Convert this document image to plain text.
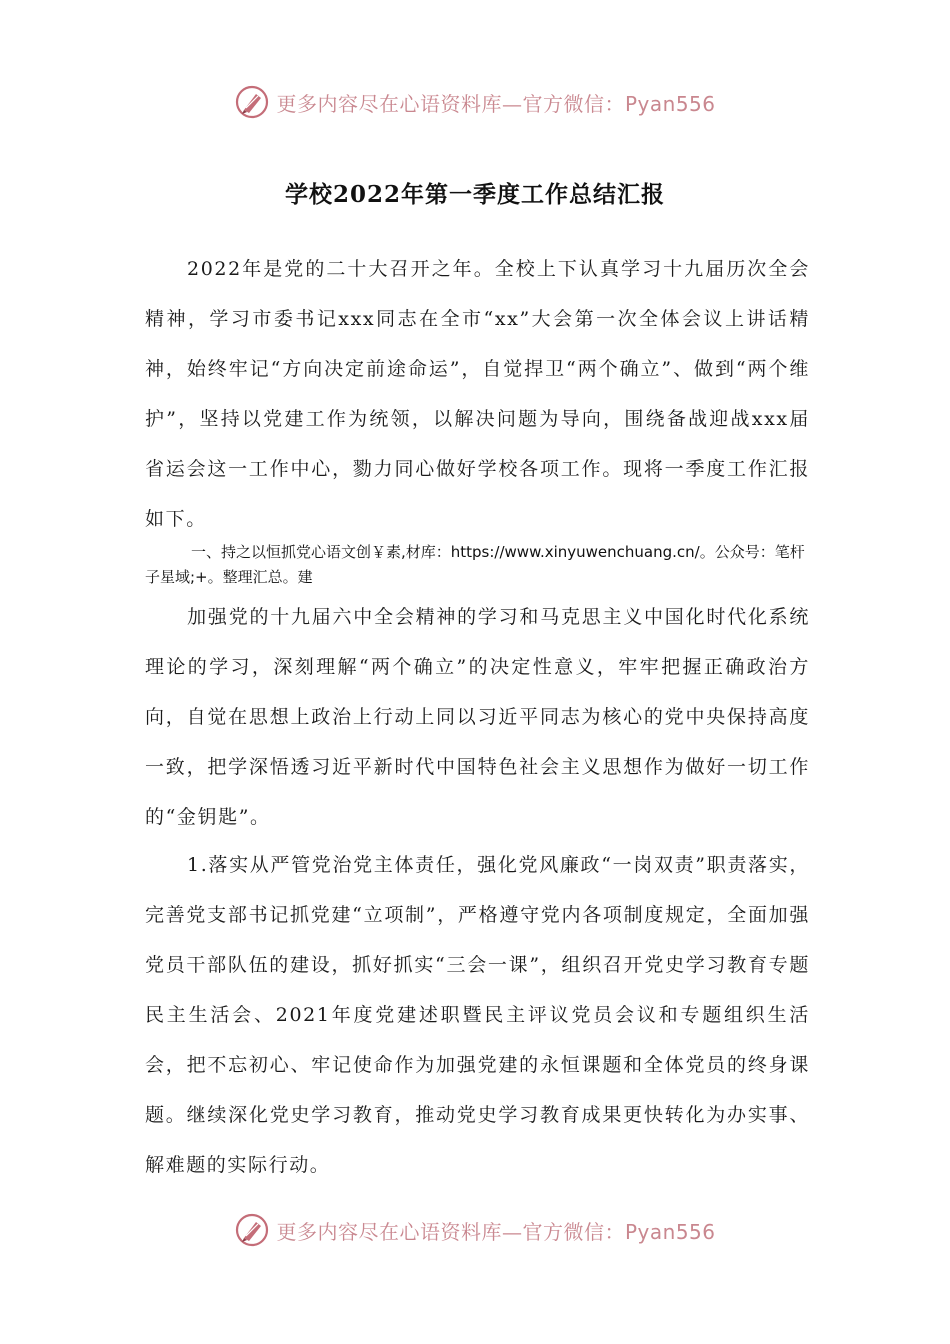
更多内容尽在心语资料库—官方微信：Pyan556
学校2022年第一季度工作总结汇报

2022年是党的二十大召开之年。全校上下认真学习十九届历次全会精神，学习市委书记xxx同志在全市“xx”大会第一次全体会议上讲话精神，始终牢记“方向决定前途命运”，自觉捍卫“两个确立”、做到“两个维护”，坚持以党建工作为统领，以解决问题为导向，围绕备战迎战xxx届省运会这一工作中心，勠力同心做好学校各项工作。现将一季度工作汇报如下。

一、持之以恒抓党心语文创￥素,材库：https://www.xinyuwenchuang.cn/。公众号：笔杆子星域;+。整理汇总。建

加强党的十九届六中全会精神的学习和马克思主义中国化时代化系统理论的学习，深刻理解“两个确立”的决定性意义，牢牢把握正确政治方向，自觉在思想上政治上行动上同以习近平同志为核心的党中央保持高度一致，把学深悟透习近平新时代中国特色社会主义思想作为做好一切工作的“金钥匙”。

1.落实从严管党治党主体责任，强化党风廉政“一岗双责”职责落实，完善党支部书记抓党建“立项制”，严格遵守党内各项制度规定，全面加强党员干部队伍的建设，抓好抓实“三会一课”，组织召开党史学习教育专题民主生活会、2021年度党建述职暨民主评议党员会议和专题组织生活会，把不忘初心、牢记使命作为加强党建的永恒课题和全体党员的终身课题。继续深化党史学习教育，推动党史学习教育成果更快转化为办实事、解难题的实际行动。

更多内容尽在心语资料库—官方微信：Pyan556
